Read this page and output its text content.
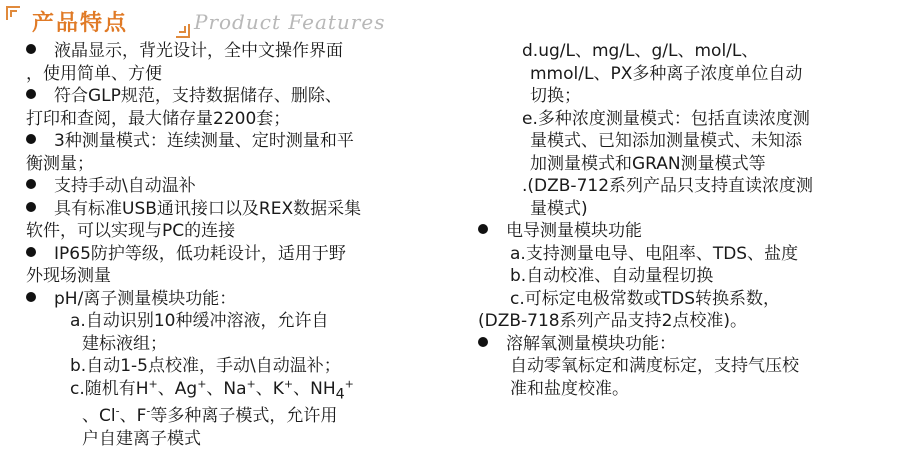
产品特点	Product Features
液晶显示，背光设计，全中文操作界面
，使用简单、方便
符合GLP规范，支持数据储存、删除、
打印和查阅，最大储存量2200套；
3种测量模式：连续测量、定时测量和平
衡测量；
支持手动\自动温补
具有标准USB通讯接口以及REX数据采集
软件，可以实现与PC的连接
IP65防护等级，低功耗设计，适用于野
外现场测量
pH/离子测量模块功能：
a.自动识别10种缓冲溶液，允许自
建标液组；
b.自动1-5点校准，手动\自动温补；
c.随机有H+、Ag+、Na+、K+、$NH_4^+$
、Cl-、F-等多种离子模式，允许用
户自建离子模式
d.ug/L、mg/L、g/L、mol/L、
mmol/L、PX多种离子浓度单位自动
切换；
e.多种浓度测量模式：包括直读浓度测
量模式、已知添加测量模式、未知添
加测量模式和GRAN测量模式等
.(DZB-712系列产品只支持直读浓度测
量模式)
电导测量模块功能
a.支持测量电导、电阻率、TDS、盐度
b.自动校准、自动量程切换
c.可标定电极常数或TDS转换系数，
(DZB-718系列产品支持2点校准)。
溶解氧测量模块功能：
自动零氧标定和满度标定，支持气压校
准和盐度校准。
